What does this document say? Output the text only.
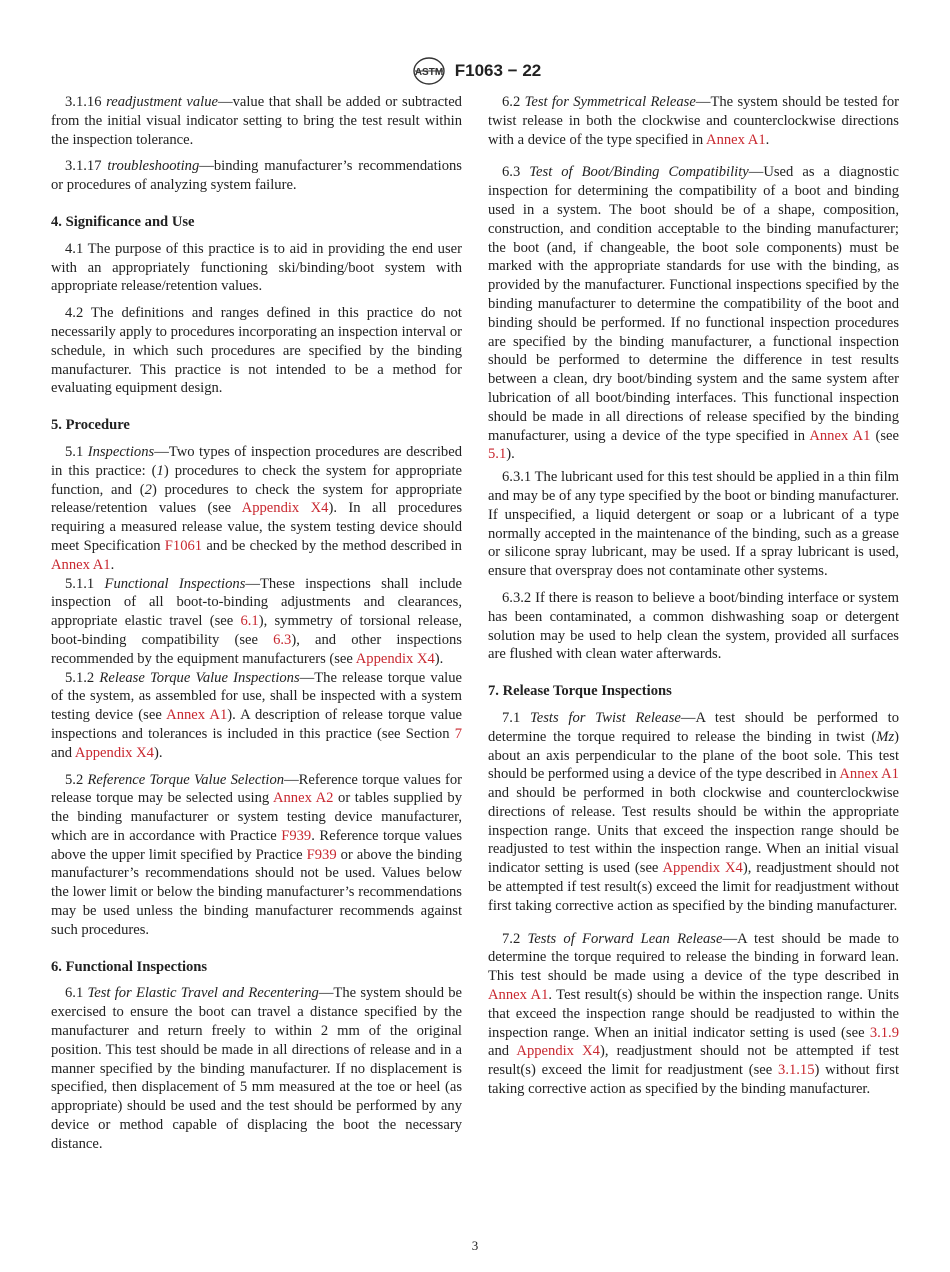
ASTM F1063 − 22

3.1.16 readjustment value—value that shall be added or subtracted from the initial visual indicator setting to bring the test result within the inspection tolerance.

3.1.17 troubleshooting—binding manufacturer’s recommendations or procedures of analyzing system failure.

4. Significance and Use

4.1 The purpose of this practice is to aid in providing the end user with an appropriately functioning ski/binding/boot system with appropriate release/retention values.

4.2 The definitions and ranges defined in this practice do not necessarily apply to procedures incorporating an inspection interval or schedule, in which such procedures are specified by the binding manufacturer. This practice is not intended to be a method for evaluating equipment design.

5. Procedure

5.1 Inspections—Two types of inspection procedures are described in this practice: (1) procedures to check the system for appropriate function, and (2) procedures to check the system for appropriate release/retention values (see Appendix X4). In all procedures requiring a measured release value, the system testing device should meet Specification F1061 and be checked by the method described in Annex A1.

5.1.1 Functional Inspections—These inspections shall include inspection of all boot-to-binding adjustments and clearances, appropriate elastic travel (see 6.1), symmetry of torsional release, boot-binding compatibility (see 6.3), and other inspections recommended by the equipment manufacturers (see Appendix X4).

5.1.2 Release Torque Value Inspections—The release torque value of the system, as assembled for use, shall be inspected with a system testing device (see Annex A1). A description of release torque value inspections and tolerances is included in this practice (see Section 7 and Appendix X4).

5.2 Reference Torque Value Selection—Reference torque values for release torque may be selected using Annex A2 or tables supplied by the binding manufacturer or system testing device manufacturer, which are in accordance with Practice F939. Reference torque values above the upper limit specified by Practice F939 or above the binding manufacturer’s recommendations should not be used. Values below the lower limit or below the binding manufacturer’s recommendations may be used unless the binding manufacturer recommends against such procedures.

6. Functional Inspections

6.1 Test for Elastic Travel and Recentering—The system should be exercised to ensure the boot can travel a distance specified by the manufacturer and return freely to within 2 mm of the original position. This test should be made in all directions of release and in a manner specified by the binding manufacturer. If no displacement is specified, then displacement of 5 mm measured at the toe or heel (as appropriate) should be used and the test should be performed by any device or method capable of displacing the boot the necessary distance.

6.2 Test for Symmetrical Release—The system should be tested for twist release in both the clockwise and counterclockwise directions with a device of the type specified in Annex A1.

6.3 Test of Boot/Binding Compatibility—Used as a diagnostic inspection for determining the compatibility of a boot and binding used in a system. The boot should be of a shape, composition, construction, and condition acceptable to the binding manufacturer; the boot (and, if changeable, the boot sole components) must be marked with the appropriate standards for use with the binding, as provided by the manufacturer. Functional inspections specified by the binding manufacturer to determine the compatibility of the boot and binding should be performed. If no functional inspection procedures are specified by the binding manufacturer, a functional inspection should be performed to determine the difference in test results between a clean, dry boot/binding system and the same system after lubrication of all boot/binding interfaces. This functional inspection should be made in all directions of release specified by the binding manufacturer, using a device of the type specified in Annex A1 (see 5.1).

6.3.1 The lubricant used for this test should be applied in a thin film and may be of any type specified by the boot or binding manufacturer. If unspecified, a liquid detergent or soap or a lubricant of a type normally accepted in the maintenance of the binding, such as a grease or silicone spray lubricant, may be used. If a spray lubricant is used, ensure that overspray does not contaminate other systems.

6.3.2 If there is reason to believe a boot/binding interface or system has been contaminated, a common dishwashing soap or detergent solution may be used to help clean the system, provided all surfaces are flushed with clean water afterwards.

7. Release Torque Inspections

7.1 Tests for Twist Release—A test should be performed to determine the torque required to release the binding in twist (Mz) about an axis perpendicular to the plane of the boot sole. This test should be performed using a device of the type described in Annex A1 and should be performed in both clockwise and counterclockwise directions of release. Test results should be within the appropriate inspection range. Units that exceed the inspection range should be readjusted to test within the inspection range. When an initial visual indicator setting is used (see Appendix X4), readjustment should not be attempted if test result(s) exceed the limit for readjustment without first taking corrective action as specified by the binding manufacturer.

7.2 Tests of Forward Lean Release—A test should be made to determine the torque required to release the binding in forward lean. This test should be made using a device of the type described in Annex A1. Test result(s) should be within the inspection range. Units that exceed the inspection range should be readjusted to within the inspection range. When an initial indicator setting is used (see 3.1.9 and Appendix X4), readjustment should not be attempted if test result(s) exceed the limit for readjustment (see 3.1.15) without first taking corrective action as specified by the binding manufacturer.

3
